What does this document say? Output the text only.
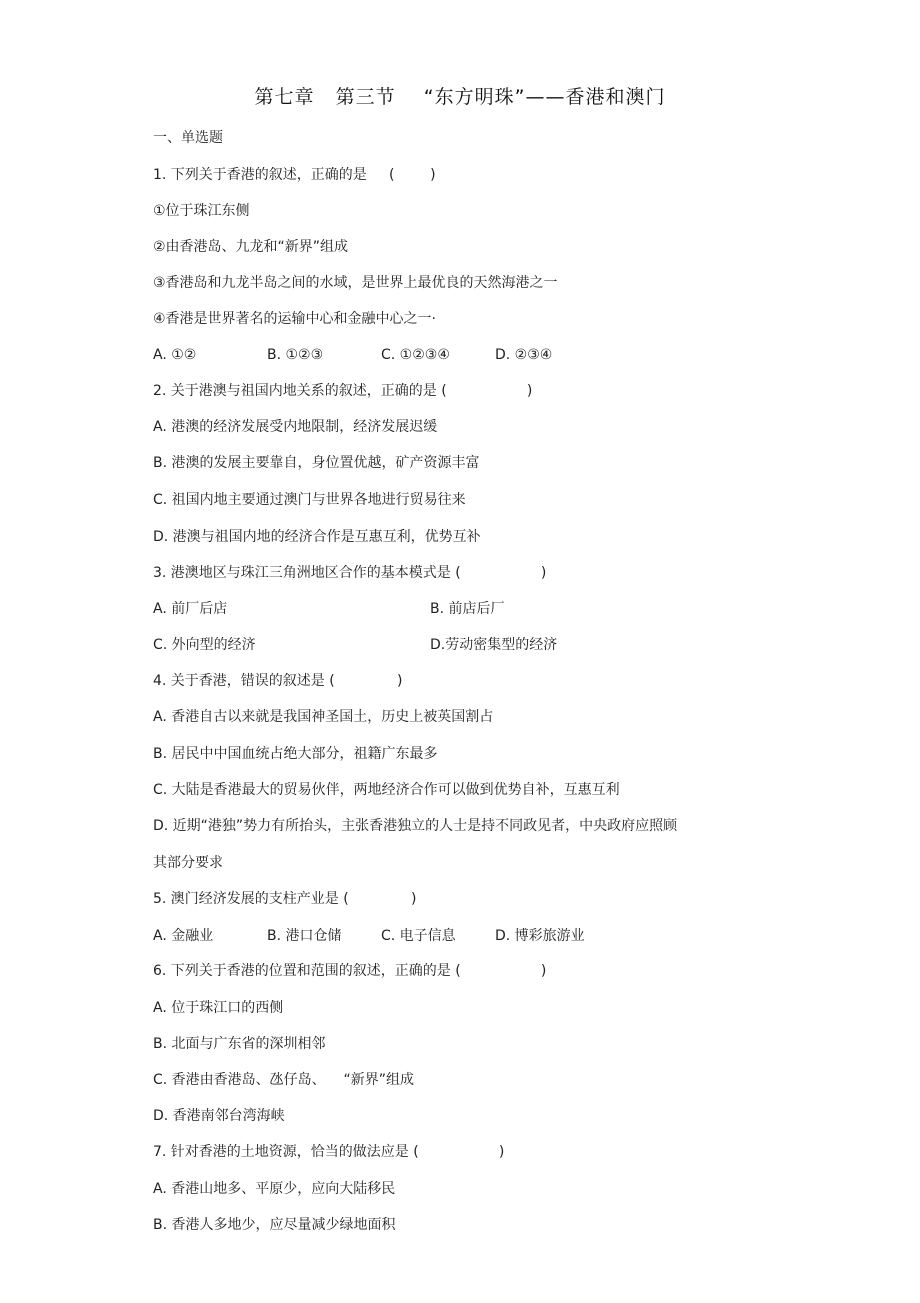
第七章   第三节    “东方明珠”——香港和澳门
一、单选题
1. 下列关于香港的叙述，正确的是     (        )
①位于珠江东侧
②由香港岛、九龙和“新界”组成
③香港岛和九龙半岛之间的水域，是世界上最优良的天然海港之一
④香港是世界著名的运输中心和金融中心之一·
A. ①②	B. ①②③	C. ①②③④	D. ②③④
2. 关于港澳与祖国内地关系的叙述，正确的是 (                  )
A. 港澳的经济发展受内地限制，经济发展迟缓
B. 港澳的发展主要靠自，身位置优越，矿产资源丰富
C. 祖国内地主要通过澳门与世界各地进行贸易往来
D. 港澳与祖国内地的经济合作是互惠互利，优势互补
3. 港澳地区与珠江三角洲地区合作的基本模式是 (                  )
A. 前厂后店	B. 前店后厂
C. 外向型的经济	D.劳动密集型的经济
4. 关于香港，错误的叙述是 (              )
A. 香港自古以来就是我国神圣国土，历史上被英国割占
B. 居民中中国血统占绝大部分，祖籍广东最多
C. 大陆是香港最大的贸易伙伴，两地经济合作可以做到优势自补，互惠互利
D. 近期“港独”势力有所抬头，主张香港独立的人士是持不同政见者，中央政府应照顾
其部分要求
5. 澳门经济发展的支柱产业是 (              )
A. 金融业	B. 港口仓储	C. 电子信息	D. 博彩旅游业
6. 下列关于香港的位置和范围的叙述，正确的是 (                  )
A. 位于珠江口的西侧
B. 北面与广东省的深圳相邻
C. 香港由香港岛、氹仔岛、    “新界”组成
D. 香港南邻台湾海峡
7. 针对香港的土地资源，恰当的做法应是 (                  )
A. 香港山地多、平原少，应向大陆移民
B. 香港人多地少，应尽量减少绿地面积
